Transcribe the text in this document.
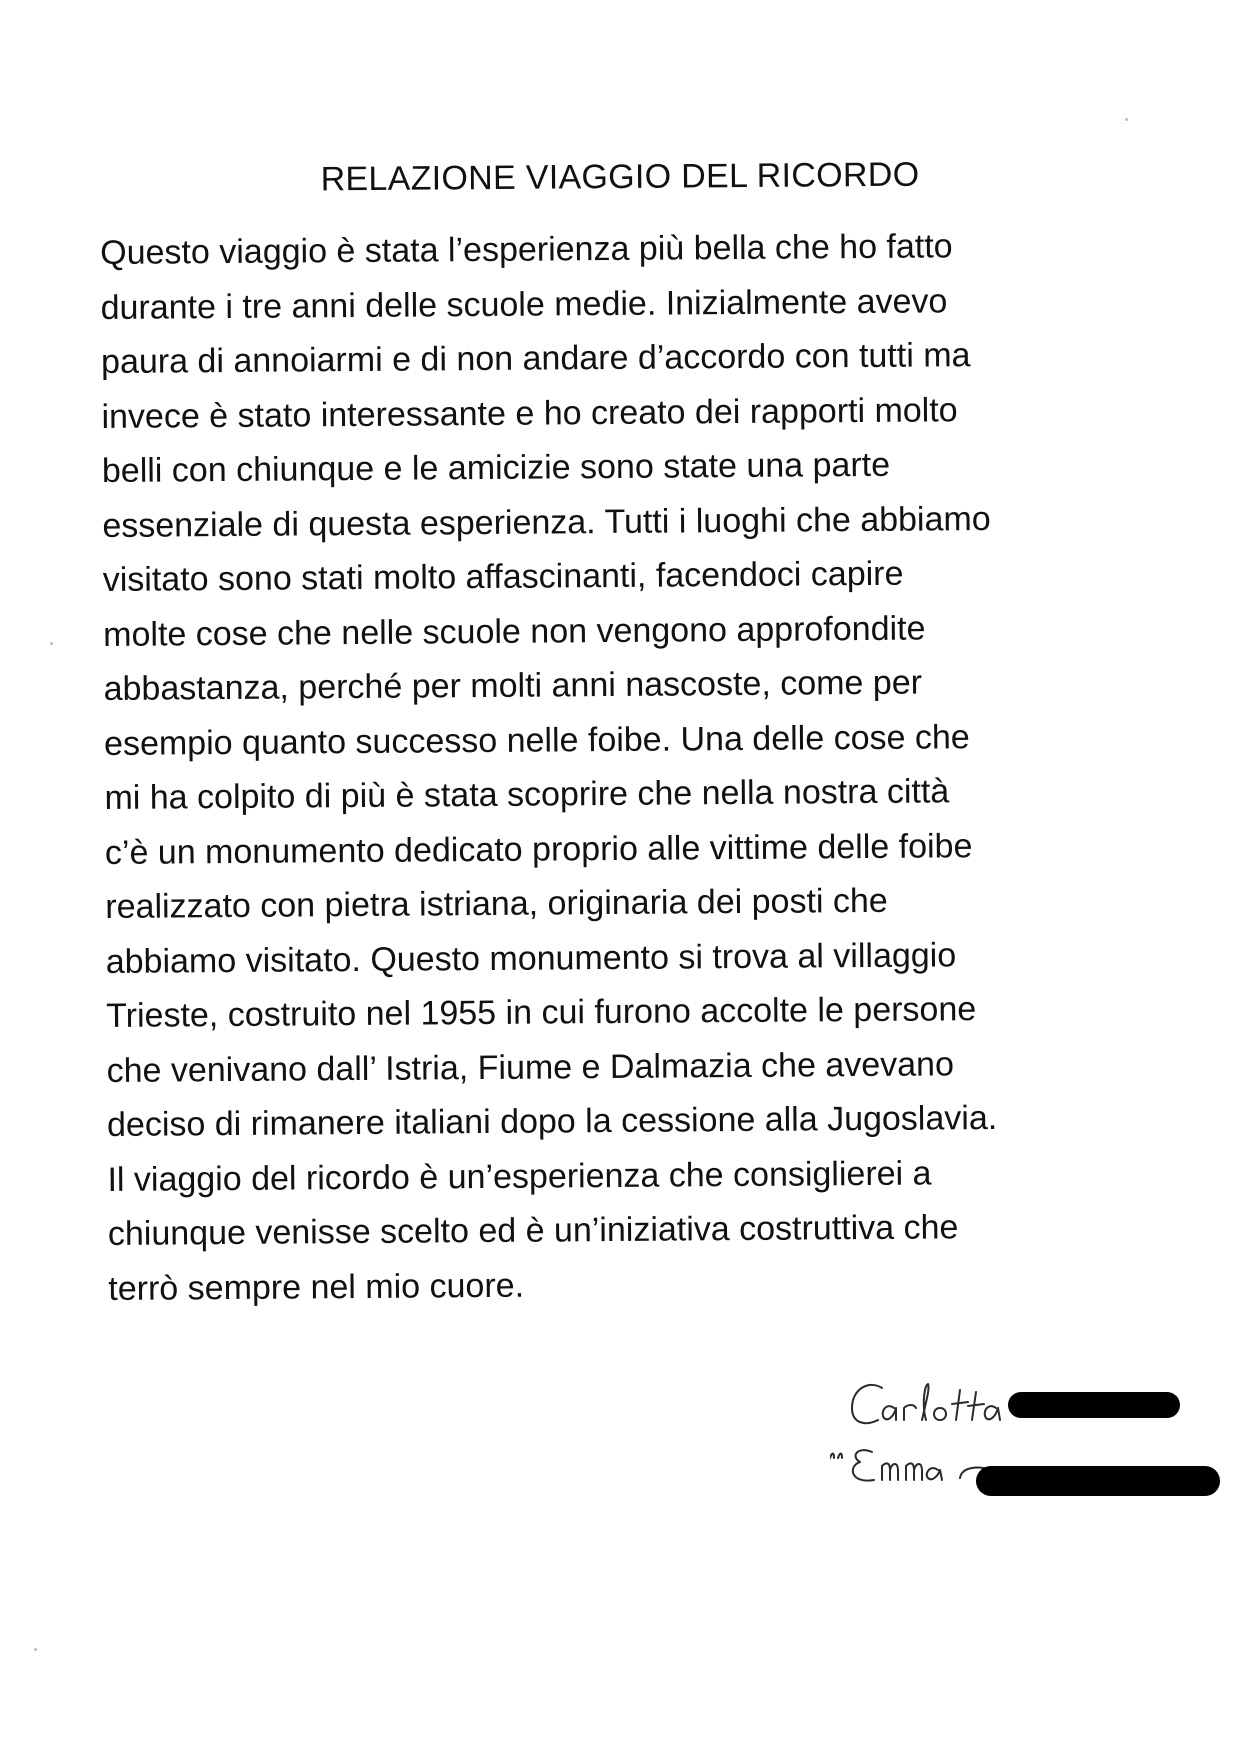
RELAZIONE VIAGGIO DEL RICORDO
Questo viaggio è stata l’esperienza più bella che ho fatto
durante i tre anni delle scuole medie. Inizialmente avevo
paura di annoiarmi e di non andare d’accordo con tutti ma
invece è stato interessante e ho creato dei rapporti molto
belli con chiunque e le amicizie sono state una parte
essenziale di questa esperienza. Tutti i luoghi che abbiamo
visitato sono stati molto affascinanti, facendoci capire
molte cose che nelle scuole non vengono approfondite
abbastanza, perché per molti anni nascoste, come per
esempio quanto successo nelle foibe. Una delle cose che
mi ha colpito di più è stata scoprire che nella nostra città
c’è un monumento dedicato proprio alle vittime delle foibe
realizzato con pietra istriana, originaria dei posti che
abbiamo visitato. Questo monumento si trova al villaggio
Trieste, costruito nel 1955 in cui furono accolte le persone
che venivano dall’ Istria, Fiume e Dalmazia che avevano
deciso di rimanere italiani dopo la cessione alla Jugoslavia.
Il viaggio del ricordo è un’esperienza che consiglierei a
chiunque venisse scelto ed è un’iniziativa costruttiva che
terrò sempre nel mio cuore.
